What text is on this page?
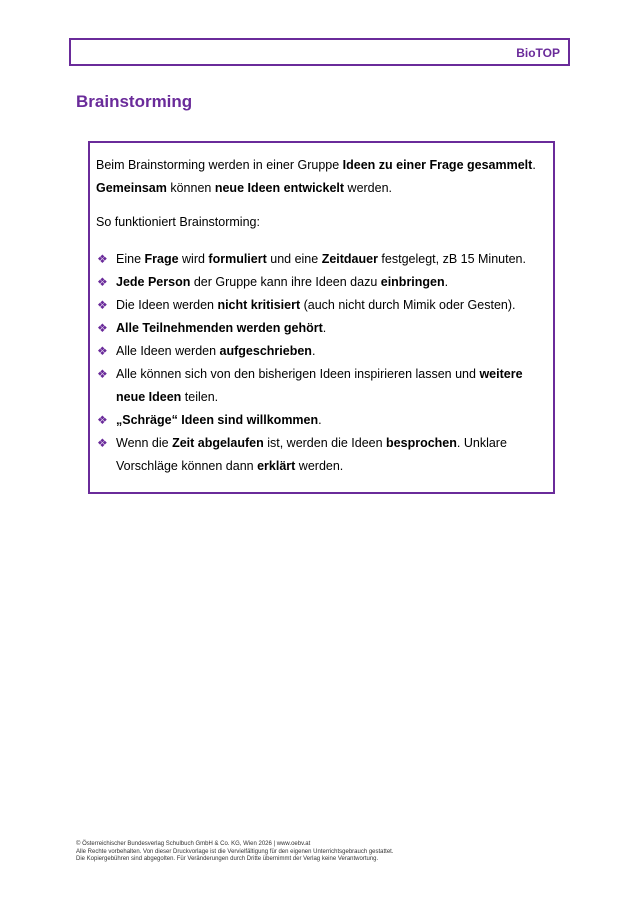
BioTOP
Brainstorming

Beim Brainstorming werden in einer Gruppe Ideen zu einer Frage gesammelt. Gemeinsam können neue Ideen entwickelt werden.

So funktioniert Brainstorming:

❖ Eine Frage wird formuliert und eine Zeitdauer festgelegt, zB 15 Minuten.
❖ Jede Person der Gruppe kann ihre Ideen dazu einbringen.
❖ Die Ideen werden nicht kritisiert (auch nicht durch Mimik oder Gesten).
❖ Alle Teilnehmenden werden gehört.
❖ Alle Ideen werden aufgeschrieben.
❖ Alle können sich von den bisherigen Ideen inspirieren lassen und weitere neue Ideen teilen.
❖ „Schräge“ Ideen sind willkommen.
❖ Wenn die Zeit abgelaufen ist, werden die Ideen besprochen. Unklare Vorschläge können dann erklärt werden.
© Österreichischer Bundesverlag Schulbuch GmbH & Co. KG, Wien 2026 | www.oebv.at
Alle Rechte vorbehalten. Von dieser Druckvorlage ist die Vervielfältigung für den eigenen Unterrichtsgebrauch gestattet.
Die Kopiergebühren sind abgegolten. Für Veränderungen durch Dritte übernimmt der Verlag keine Verantwortung.
